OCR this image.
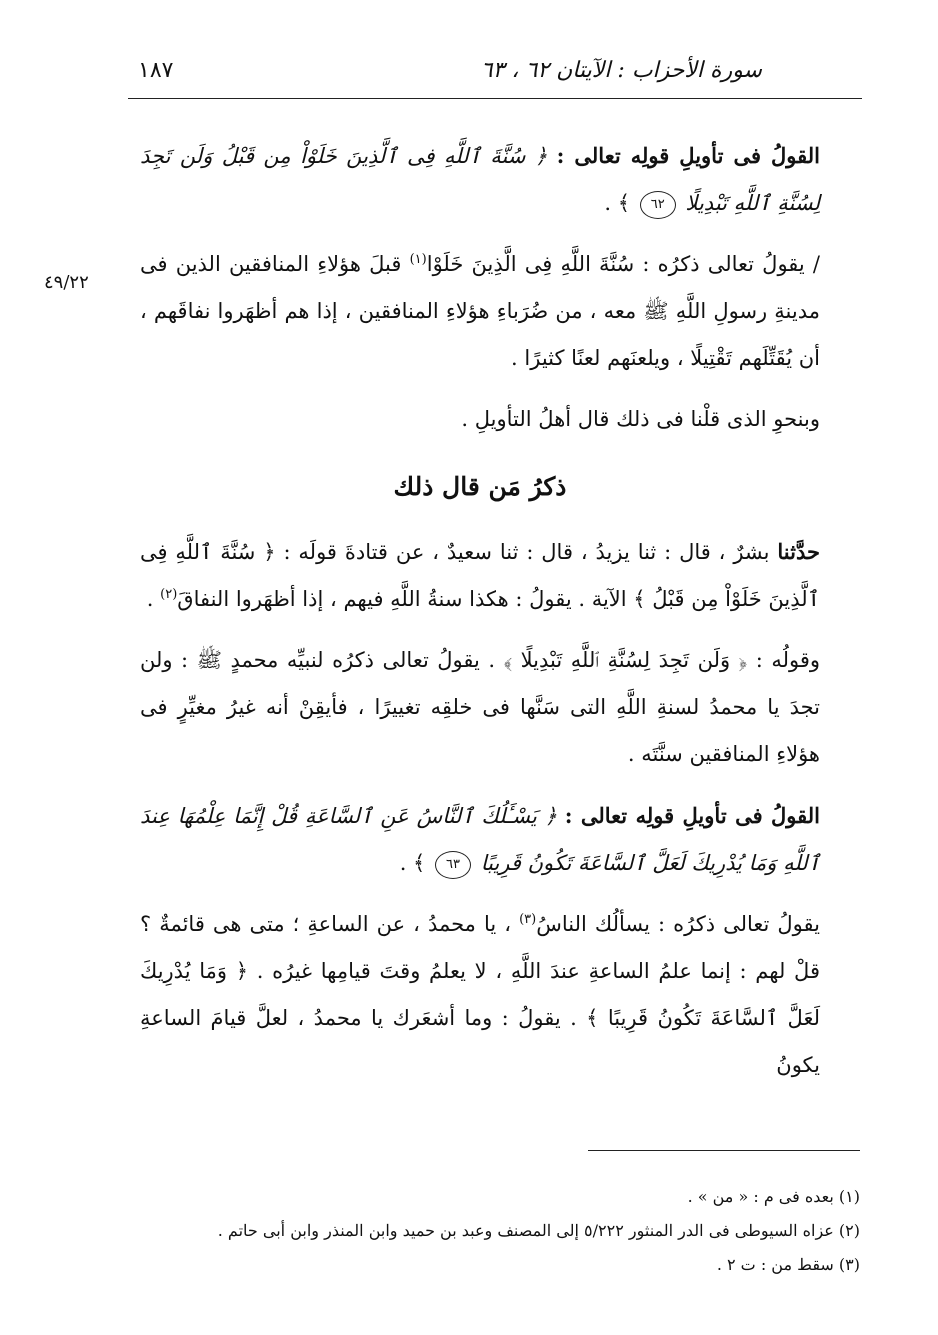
سورة الأحزاب : الآيتان ٦٢ ، ٦٣
١٨٧
٤٩/٢٢

القولُ فى تأويلِ قولِه تعالى : ﴿ سُنَّةَ ٱللَّهِ فِى ٱلَّذِينَ خَلَوْاْ مِن قَبْلُ وَلَن تَجِدَ لِسُنَّةِ ٱللَّهِ تَبْدِيلًا ٦٢ ﴾ .

/ يقولُ تعالى ذكرُه : سُنَّةَ اللَّهِ فِى الَّذِينَ خَلَوْا$^{(١)}$ قبلَ هؤلاءِ المنافقين الذين فى مدينةِ رسولِ اللَّهِ ﷺ معه ، من ضُرَباءِ هؤلاءِ المنافقين ، إذا هم أظهَروا نفاقَهم ، أن يُقَتِّلَهم تَقْتِيلًا ، ويلعنَهم لعنًا كثيرًا .

وبنحوِ الذى قلْنا فى ذلك قال أهلُ التأويلِ .

ذكرُ مَن قال ذلك

حدَّثنا بشرٌ ، قال : ثنا يزيدُ ، قال : ثنا سعيدٌ ، عن قتادةَ قولَه : ﴿ سُنَّةَ ٱللَّهِ فِى ٱلَّذِينَ خَلَوْاْ مِن قَبْلُ ﴾ الآية . يقولُ : هكذا سنةُ اللَّهِ فيهم ، إذا أظهَروا النفاقَ$^{(٢)}$ .

وقولُه : ﴿ وَلَن تَجِدَ لِسُنَّةِ ٱللَّهِ تَبْدِيلًا ﴾ . يقولُ تعالى ذكرُه لنبيِّه محمدٍ ﷺ : ولن تجدَ يا محمدُ لسنةِ اللَّهِ التى سَنَّها فى خلقِه تغييرًا ، فأيقِنْ أنه غيرُ مغيِّرٍ فى هؤلاءِ المنافقين سنَّتَه .

القولُ فى تأويلِ قولِه تعالى : ﴿ يَسْـَٔلُكَ ٱلنَّاسُ عَنِ ٱلسَّاعَةِ قُلْ إِنَّمَا عِلْمُهَا عِندَ ٱللَّهِ وَمَا يُدْرِيكَ لَعَلَّ ٱلسَّاعَةَ تَكُونُ قَرِيبًا ٦٣ ﴾ .

يقولُ تعالى ذكرُه : يسألُك الناسُ$^{(٣)}$ ، يا محمدُ ، عن الساعةِ ؛ متى هى قائمةٌ ؟ قلْ لهم : إنما علمُ الساعةِ عندَ اللَّهِ ، لا يعلمُ وقتَ قيامِها غيرُه . ﴿ وَمَا يُدْرِيكَ لَعَلَّ ٱلسَّاعَةَ تَكُونُ قَرِيبًا ﴾ . يقولُ : وما أشعَرك يا محمدُ ، لعلَّ قيامَ الساعةِ يكونُ

(١) بعده فى م : « من » .

(٢) عزاه السيوطى فى الدر المنثور ٥/٢٢٢ إلى المصنف وعبد بن حميد وابن المنذر وابن أبى حاتم .

(٣) سقط من : ت ٢ .
